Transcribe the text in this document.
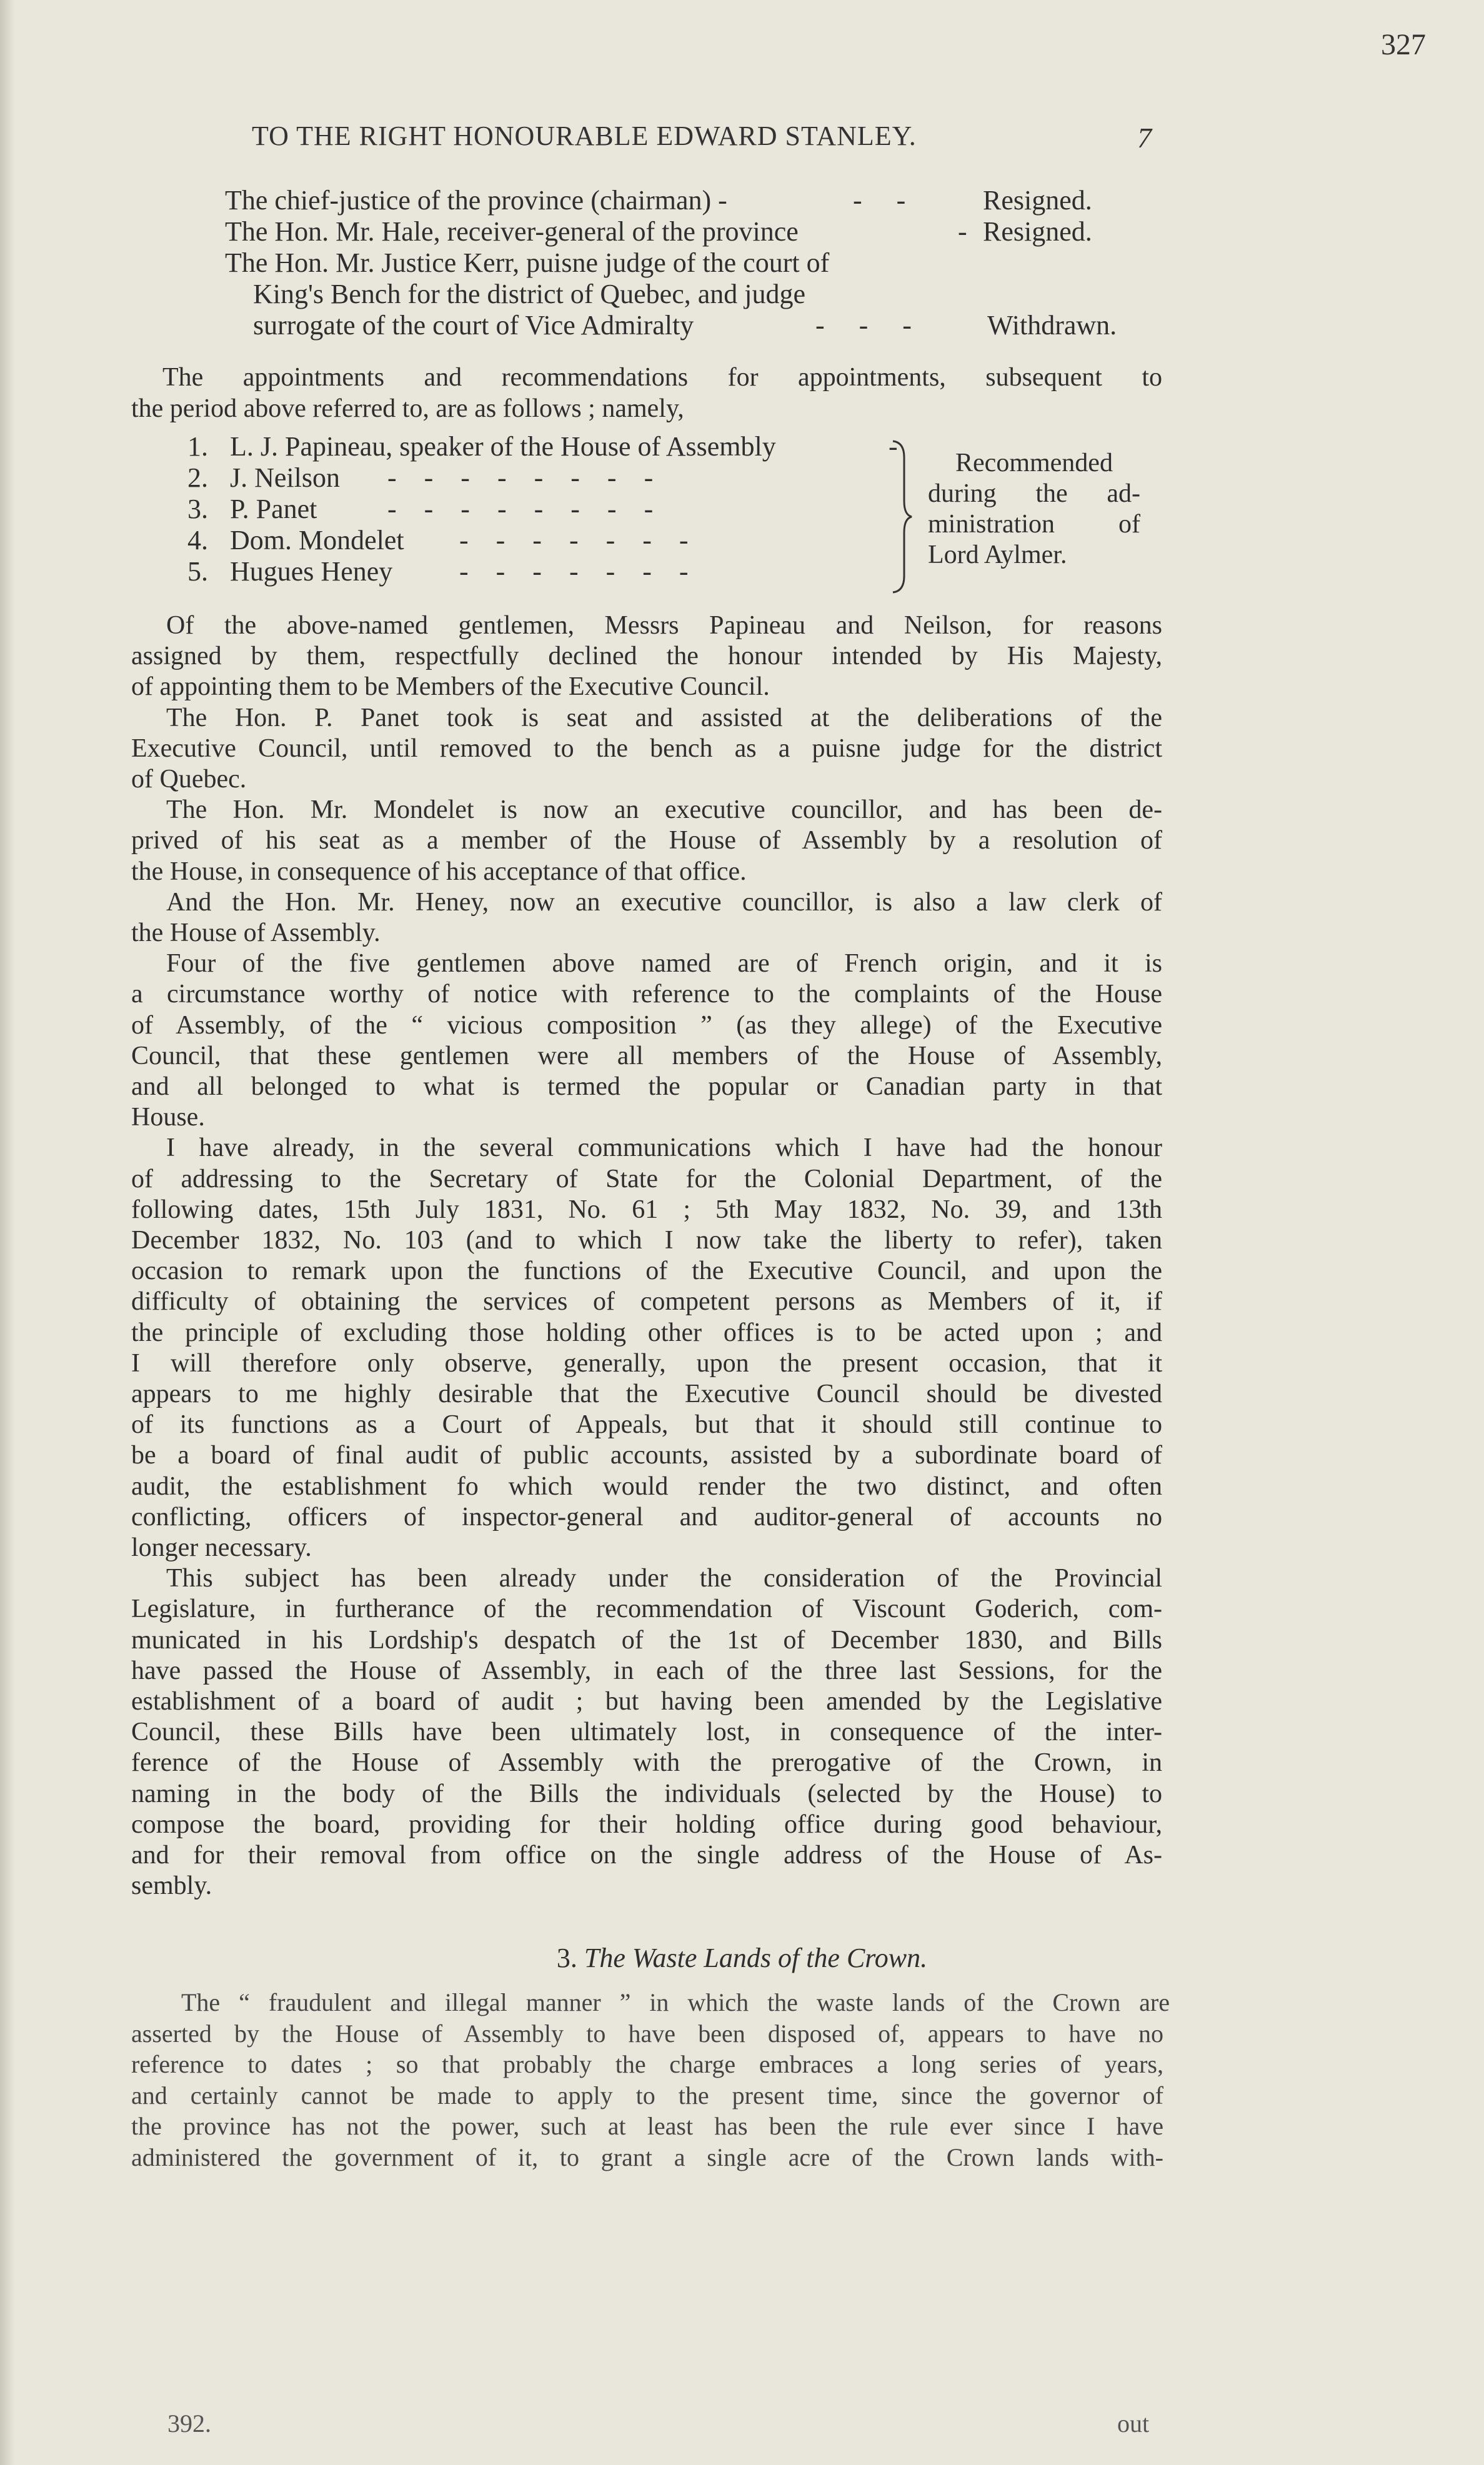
327
TO THE RIGHT HONOURABLE EDWARD STANLEY.	7
The chief-justice of the province (chairman) -	-     -	Resigned.
The Hon. Mr. Hale, receiver-general of the province	- Resigned.
The Hon. Mr. Justice Kerr, puisne judge of the court of
King's Bench for the district of Quebec, and judge
surrogate of the court of Vice Admiralty	-     -     -	Withdrawn.
The appointments and recommendations for appointments, subsequent to
the period above referred to, are as follows ; namely,
1. L. J. Papineau, speaker of the House of Assembly	-
2. J. Neilson -    -    -    -    -    -    -    -
3. P. Panet	-    -    -    -    -    -    -    -
4. Dom. Mondelet -    -    -    -    -    -    -
5. Hugues Heney -    -    -    -    -    -    -
Recommended
during the ad-
ministration of
Lord Aylmer.
Of the above-named gentlemen, Messrs Papineau and Neilson, for reasons
assigned by them, respectfully declined the honour intended by His Majesty,
of appointing them to be Members of the Executive Council.
The Hon. P. Panet took is seat and assisted at the deliberations of the
Executive Council, until removed to the bench as a puisne judge for the district
of Quebec.
The Hon. Mr. Mondelet is now an executive councillor, and has been de-
prived of his seat as a member of the House of Assembly by a resolution of
the House, in consequence of his acceptance of that office.
And the Hon. Mr. Heney, now an executive councillor, is also a law clerk of
the House of Assembly.
Four of the five gentlemen above named are of French origin, and it is
a circumstance worthy of notice with reference to the complaints of the House
of Assembly, of the “ vicious composition ” (as they allege) of the Executive
Council, that these gentlemen were all members of the House of Assembly,
and all belonged to what is termed the popular or Canadian party in that
House.
I have already, in the several communications which I have had the honour
of addressing to the Secretary of State for the Colonial Department, of the
following dates, 15th July 1831, No. 61 ; 5th May 1832, No. 39, and 13th
December 1832, No. 103 (and to which I now take the liberty to refer), taken
occasion to remark upon the functions of the Executive Council, and upon the
difficulty of obtaining the services of competent persons as Members of it, if
the principle of excluding those holding other offices is to be acted upon ; and
I will therefore only observe, generally, upon the present occasion, that it
appears to me highly desirable that the Executive Council should be divested
of its functions as a Court of Appeals, but that it should still continue to
be a board of final audit of public accounts, assisted by a subordinate board of
audit, the establishment fo which would render the two distinct, and often
conflicting, officers of inspector-general and auditor-general of accounts no
longer necessary.
This subject has been already under the consideration of the Provincial
Legislature, in furtherance of the recommendation of Viscount Goderich, com-
municated in his Lordship's despatch of the 1st of December 1830, and Bills
have passed the House of Assembly, in each of the three last Sessions, for the
establishment of a board of audit ; but having been amended by the Legislative
Council, these Bills have been ultimately lost, in consequence of the inter-
ference of the House of Assembly with the prerogative of the Crown, in
naming in the body of the Bills the individuals (selected by the House) to
compose the board, providing for their holding office during good behaviour,
and for their removal from office on the single address of the House of As-
sembly.
3. The Waste Lands of the Crown.
The “ fraudulent and illegal manner ” in which the waste lands of the Crown are
asserted by the House of Assembly to have been disposed of, appears to have no
reference to dates ; so that probably the charge embraces a long series of years,
and certainly cannot be made to apply to the present time, since the governor of
the province has not the power, such at least has been the rule ever since I have
administered the government of it, to grant a single acre of the Crown lands with-
392.	out
